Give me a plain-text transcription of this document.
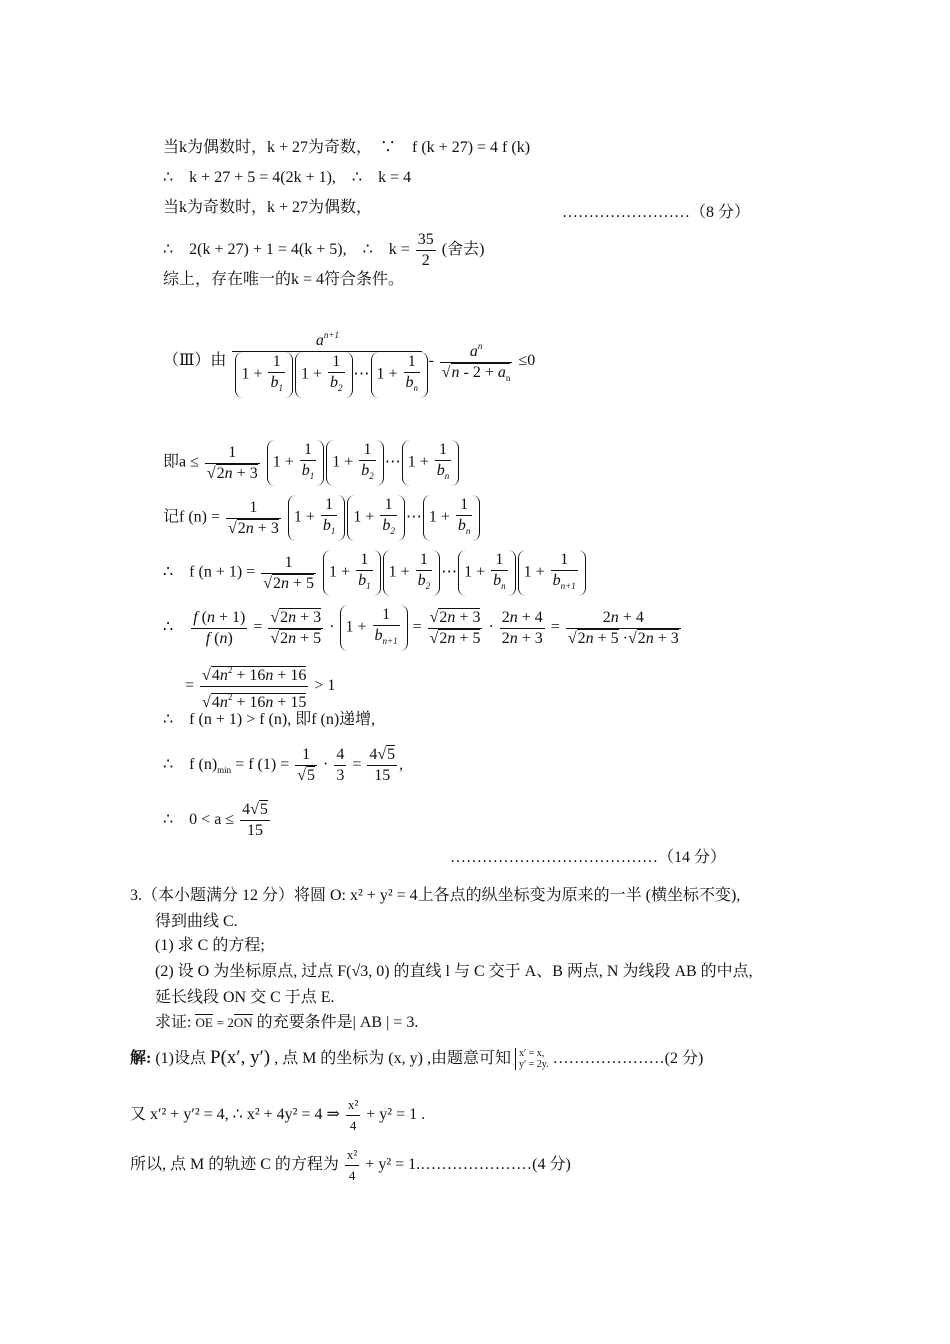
当k为偶数时，k + 27为奇数，　∵　f (k + 27) = 4 f (k)
∴　k + 27 + 5 = 4(2k + 1),　∴　k = 4
当k为奇数时，k + 27为偶数，	……………………（8 分）
∴　2(k + 27) + 1 = 4(k + 5),　∴　$k = \frac{35}{2}$ (舍去)
综上，存在唯一的k = 4符合条件。
（Ⅲ）由 $\frac{a^{n+1}}{1 + \frac{1}{b_1} 1 + \frac{1}{b_2} \cdots 1 + \frac{1}{b_n}} - \frac{a^n}{√n - 2 + a_n} \le 0$
即$a \le \frac{1}{√2n + 3} 1 + \frac{1}{b_1} 1 + \frac{1}{b_2}$ ⋯ $1 + \frac{1}{b_n}$
记f $(n) = \frac{1}{√2n + 3} 1 + \frac{1}{b_1} 1 + \frac{1}{b_2}$ ⋯ $1 + \frac{1}{b_n}$
∴　f $(n + 1) = \frac{1}{√2n + 5} 1 + \frac{1}{b_1} 1 + \frac{1}{b_2}$ ⋯ $1 + \frac{1}{b_n} 1 + \frac{1}{b_{n+1}}$
∴ $\frac{f (n + 1)}{f (n)} = \frac{√2n + 3}{√2n + 5} \cdot 1 + \frac{1}{b_{n+1}} = \frac{√2n + 3}{√2n + 5} \cdot \frac{2n + 4}{2n + 3} = \frac{2n + 4}{√2n + 5 \cdot√2n + 3}$
= $\frac{√4n^2 + 16n + 16}{√4n^2 + 16n + 15} > 1$
∴　f (n + 1) > f (n), 即f (n)递增,
∴　f $(n)_{min} = f$ $(1) = \frac{1}{√5} \cdot \frac{4}{3} = \frac{4√5}{15}$ ,
∴　$0 < a \le \frac{4√5}{15}$
…………………………………（14 分）
3.（本小题满分 12 分）将圆 O: x² + y² = 4上各点的纵坐标变为原来的一半 (横坐标不变),
得到曲线 C.
(1) 求 C 的方程;
(2) 设 O 为坐标原点, 过点 F(√3, 0) 的直线 l 与 C 交于 A、B 两点, N 为线段 AB 的中点,
延长线段 ON 交 C 于点 E.
求证: OE = 2ON 的充要条件是| AB | = 3.
解: (1)设点 P(x′, y′) , 点 M 的坐标为 (x, y) ,由题意可知 x′ = x,
y′ = 2y. …………………(2 分)
又 x′² + y′² = 4, ∴ x² + 4y² = 4 ⇒ $\frac{\text{x²}}{4} + y^2 = 1$ .
所以, 点 M 的轨迹 C 的方程为 $\frac{\text{x²}}{4} + y^2$ = 1.…………………(4 分)
